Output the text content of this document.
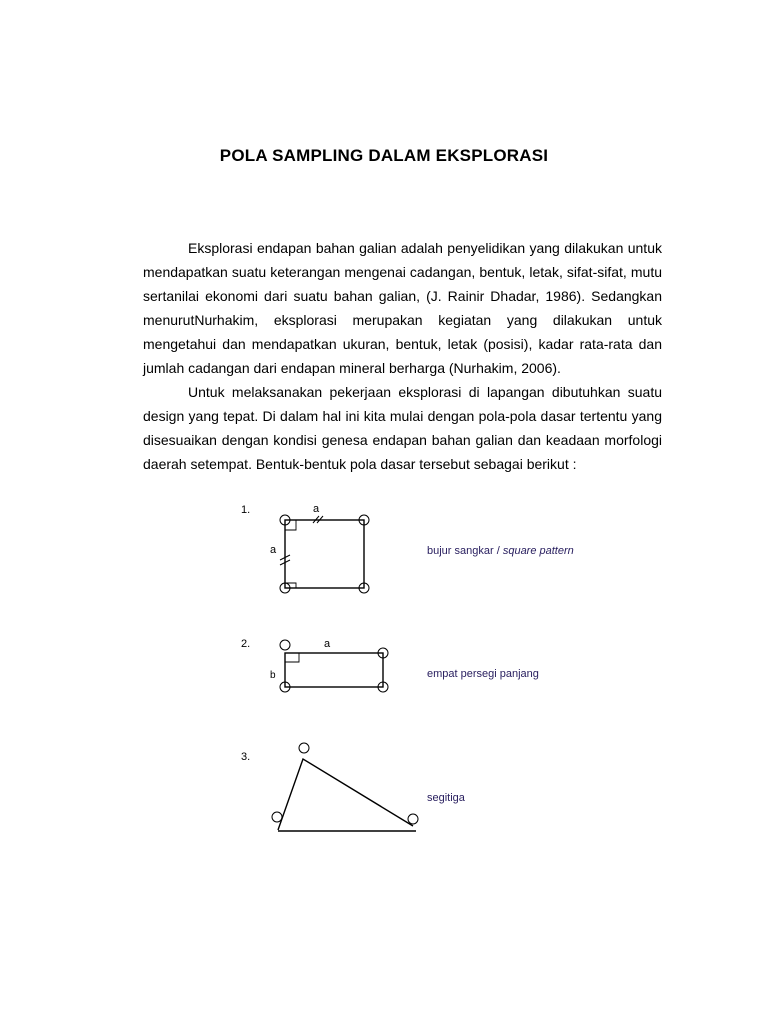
POLA SAMPLING DALAM EKSPLORASI

Eksplorasi endapan bahan galian adalah penyelidikan yang dilakukan untuk mendapatkan suatu keterangan mengenai cadangan, bentuk, letak, sifat-sifat, mutu sertanilai ekonomi dari suatu bahan galian, (J. Rainir Dhadar, 1986). Sedangkan menurutNurhakim, eksplorasi merupakan kegiatan yang dilakukan untuk mengetahui dan mendapatkan ukuran, bentuk, letak (posisi), kadar rata-rata dan jumlah cadangan dari endapan mineral berharga (Nurhakim, 2006).

Untuk melaksanakan pekerjaan eksplorasi di lapangan dibutuhkan suatu design yang tepat. Di dalam hal ini kita mulai dengan pola-pola dasar tertentu yang disesuaikan dengan kondisi genesa endapan bahan galian dan keadaan morfologi daerah setempat. Bentuk-bentuk pola dasar tersebut sebagai berikut :

1.	a
a	bujur sangkar / square pattern
2.	a
b	empat persegi panjang
3.
segitiga
